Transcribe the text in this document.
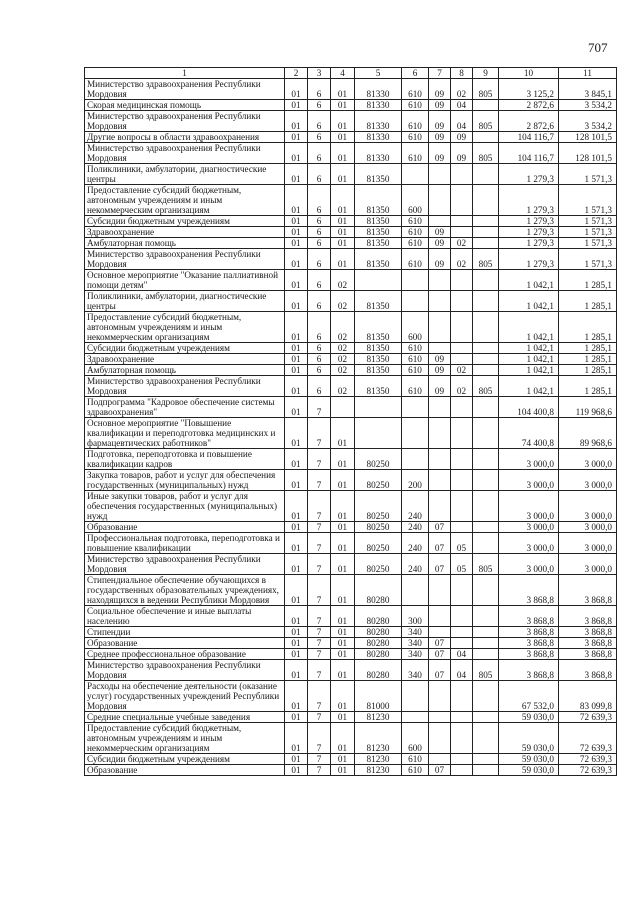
707
1	2	3	4	5	6	7	8	9	10	11
Министерство здравоохранения Республики Мордовия	01	6	01	81330	610	09	02	805	3 125,2	3 845,1
Скорая медицинская помощь	01	6	01	81330	610	09	04		2 872,6	3 534,2
Министерство здравоохранения Республики Мордовия	01	6	01	81330	610	09	04	805	2 872,6	3 534,2
Другие вопросы в области здравоохранения	01	6	01	81330	610	09	09		104 116,7	128 101,5
Министерство здравоохранения Республики Мордовия	01	6	01	81330	610	09	09	805	104 116,7	128 101,5
Поликлиники, амбулатории, диагностические центры	01	6	01	81350					1 279,3	1 571,3
Предоставление субсидий бюджетным, автономным учреждениям и иным некоммерческим организациям	01	6	01	81350	600				1 279,3	1 571,3
Субсидии бюджетным учреждениям	01	6	01	81350	610				1 279,3	1 571,3
Здравоохранение	01	6	01	81350	610	09			1 279,3	1 571,3
Амбулаторная помощь	01	6	01	81350	610	09	02		1 279,3	1 571,3
Министерство здравоохранения Республики Мордовия	01	6	01	81350	610	09	02	805	1 279,3	1 571,3
Основное мероприятие "Оказание паллиативной помощи детям"	01	6	02						1 042,1	1 285,1
Поликлиники, амбулатории, диагностические центры	01	6	02	81350					1 042,1	1 285,1
Предоставление субсидий бюджетным, автономным учреждениям и иным некоммерческим организациям	01	6	02	81350	600				1 042,1	1 285,1
Субсидии бюджетным учреждениям	01	6	02	81350	610				1 042,1	1 285,1
Здравоохранение	01	6	02	81350	610	09			1 042,1	1 285,1
Амбулаторная помощь	01	6	02	81350	610	09	02		1 042,1	1 285,1
Министерство здравоохранения Республики Мордовия	01	6	02	81350	610	09	02	805	1 042,1	1 285,1
Подпрограмма "Кадровое обеспечение системы здравоохранения"	01	7							104 400,8	119 968,6
Основное мероприятие "Повышение квалификации и переподготовка медицинских и фармацевтических работников"	01	7	01						74 400,8	89 968,6
Подготовка, переподготовка и повышение квалификации кадров	01	7	01	80250					3 000,0	3 000,0
Закупка товаров, работ и услуг для обеспечения государственных (муниципальных) нужд	01	7	01	80250	200				3 000,0	3 000,0
Иные закупки товаров, работ и услуг для обеспечения государственных (муниципальных) нужд	01	7	01	80250	240				3 000,0	3 000,0
Образование	01	7	01	80250	240	07			3 000,0	3 000,0
Профессиональная подготовка, переподготовка и повышение квалификации	01	7	01	80250	240	07	05		3 000,0	3 000,0
Министерство здравоохранения Республики Мордовия	01	7	01	80250	240	07	05	805	3 000,0	3 000,0
Стипендиальное обеспечение обучающихся в государственных образовательных учреждениях, находящихся в ведении Республики Мордовия	01	7	01	80280					3 868,8	3 868,8
Социальное обеспечение и иные выплаты населению	01	7	01	80280	300				3 868,8	3 868,8
Стипендии	01	7	01	80280	340				3 868,8	3 868,8
Образование	01	7	01	80280	340	07			3 868,8	3 868,8
Среднее профессиональное образование	01	7	01	80280	340	07	04		3 868,8	3 868,8
Министерство здравоохранения Республики Мордовия	01	7	01	80280	340	07	04	805	3 868,8	3 868,8
Расходы на обеспечение деятельности (оказание услуг) государственных учреждений Республики Мордовия	01	7	01	81000					67 532,0	83 099,8
Средние специальные учебные заведения	01	7	01	81230					59 030,0	72 639,3
Предоставление субсидий бюджетным, автономным учреждениям и иным некоммерческим организациям	01	7	01	81230	600				59 030,0	72 639,3
Субсидии бюджетным учреждениям	01	7	01	81230	610				59 030,0	72 639,3
Образование	01	7	01	81230	610	07			59 030,0	72 639,3
